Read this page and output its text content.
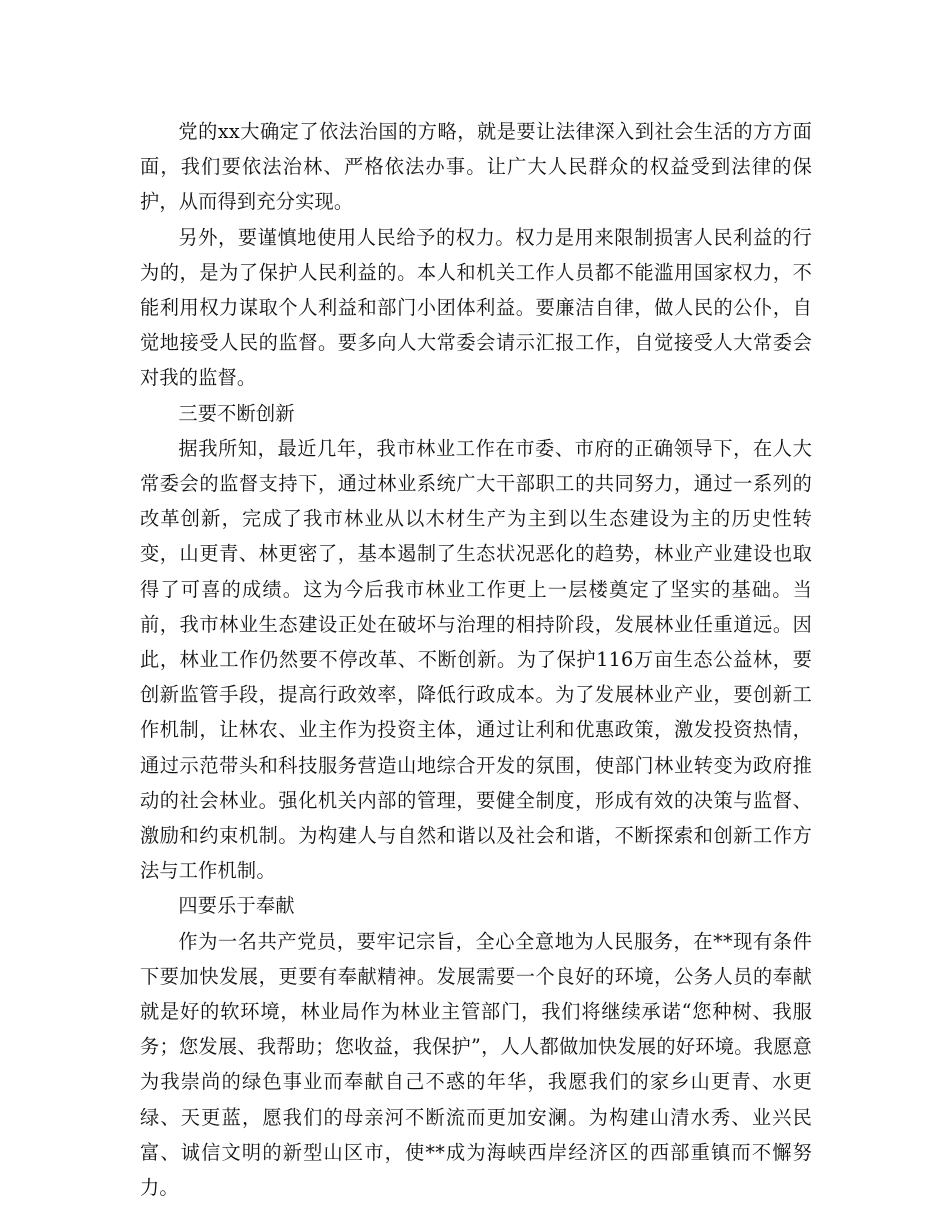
党的xx大确定了依法治国的方略，就是要让法律深入到社会生活的方方面面，我们要依法治林、严格依法办事。让广大人民群众的权益受到法律的保护，从而得到充分实现。

另外，要谨慎地使用人民给予的权力。权力是用来限制损害人民利益的行为的，是为了保护人民利益的。本人和机关工作人员都不能滥用国家权力，不能利用权力谋取个人利益和部门小团体利益。要廉洁自律，做人民的公仆，自觉地接受人民的监督。要多向人大常委会请示汇报工作，自觉接受人大常委会对我的监督。

三要不断创新

据我所知，最近几年，我市林业工作在市委、市府的正确领导下，在人大常委会的监督支持下，通过林业系统广大干部职工的共同努力，通过一系列的改革创新，完成了我市林业从以木材生产为主到以生态建设为主的历史性转变，山更青、林更密了，基本遏制了生态状况恶化的趋势，林业产业建设也取得了可喜的成绩。这为今后我市林业工作更上一层楼奠定了坚实的基础。当前，我市林业生态建设正处在破坏与治理的相持阶段，发展林业任重道远。因此，林业工作仍然要不停改革、不断创新。为了保护116万亩生态公益林，要创新监管手段，提高行政效率，降低行政成本。为了发展林业产业，要创新工作机制，让林农、业主作为投资主体，通过让利和优惠政策，激发投资热情，通过示范带头和科技服务营造山地综合开发的氛围，使部门林业转变为政府推动的社会林业。强化机关内部的管理，要健全制度，形成有效的决策与监督、激励和约束机制。为构建人与自然和谐以及社会和谐，不断探索和创新工作方法与工作机制。

四要乐于奉献

作为一名共产党员，要牢记宗旨，全心全意地为人民服务，在**现有条件下要加快发展，更要有奉献精神。发展需要一个良好的环境，公务人员的奉献就是好的软环境，林业局作为林业主管部门，我们将继续承诺“您种树、我服务；您发展、我帮助；您收益，我保护”，人人都做加快发展的好环境。我愿意为我崇尚的绿色事业而奉献自己不惑的年华，我愿我们的家乡山更青、水更绿、天更蓝，愿我们的母亲河不断流而更加安澜。为构建山清水秀、业兴民富、诚信文明的新型山区市，使**成为海峡西岸经济区的西部重镇而不懈努力。
